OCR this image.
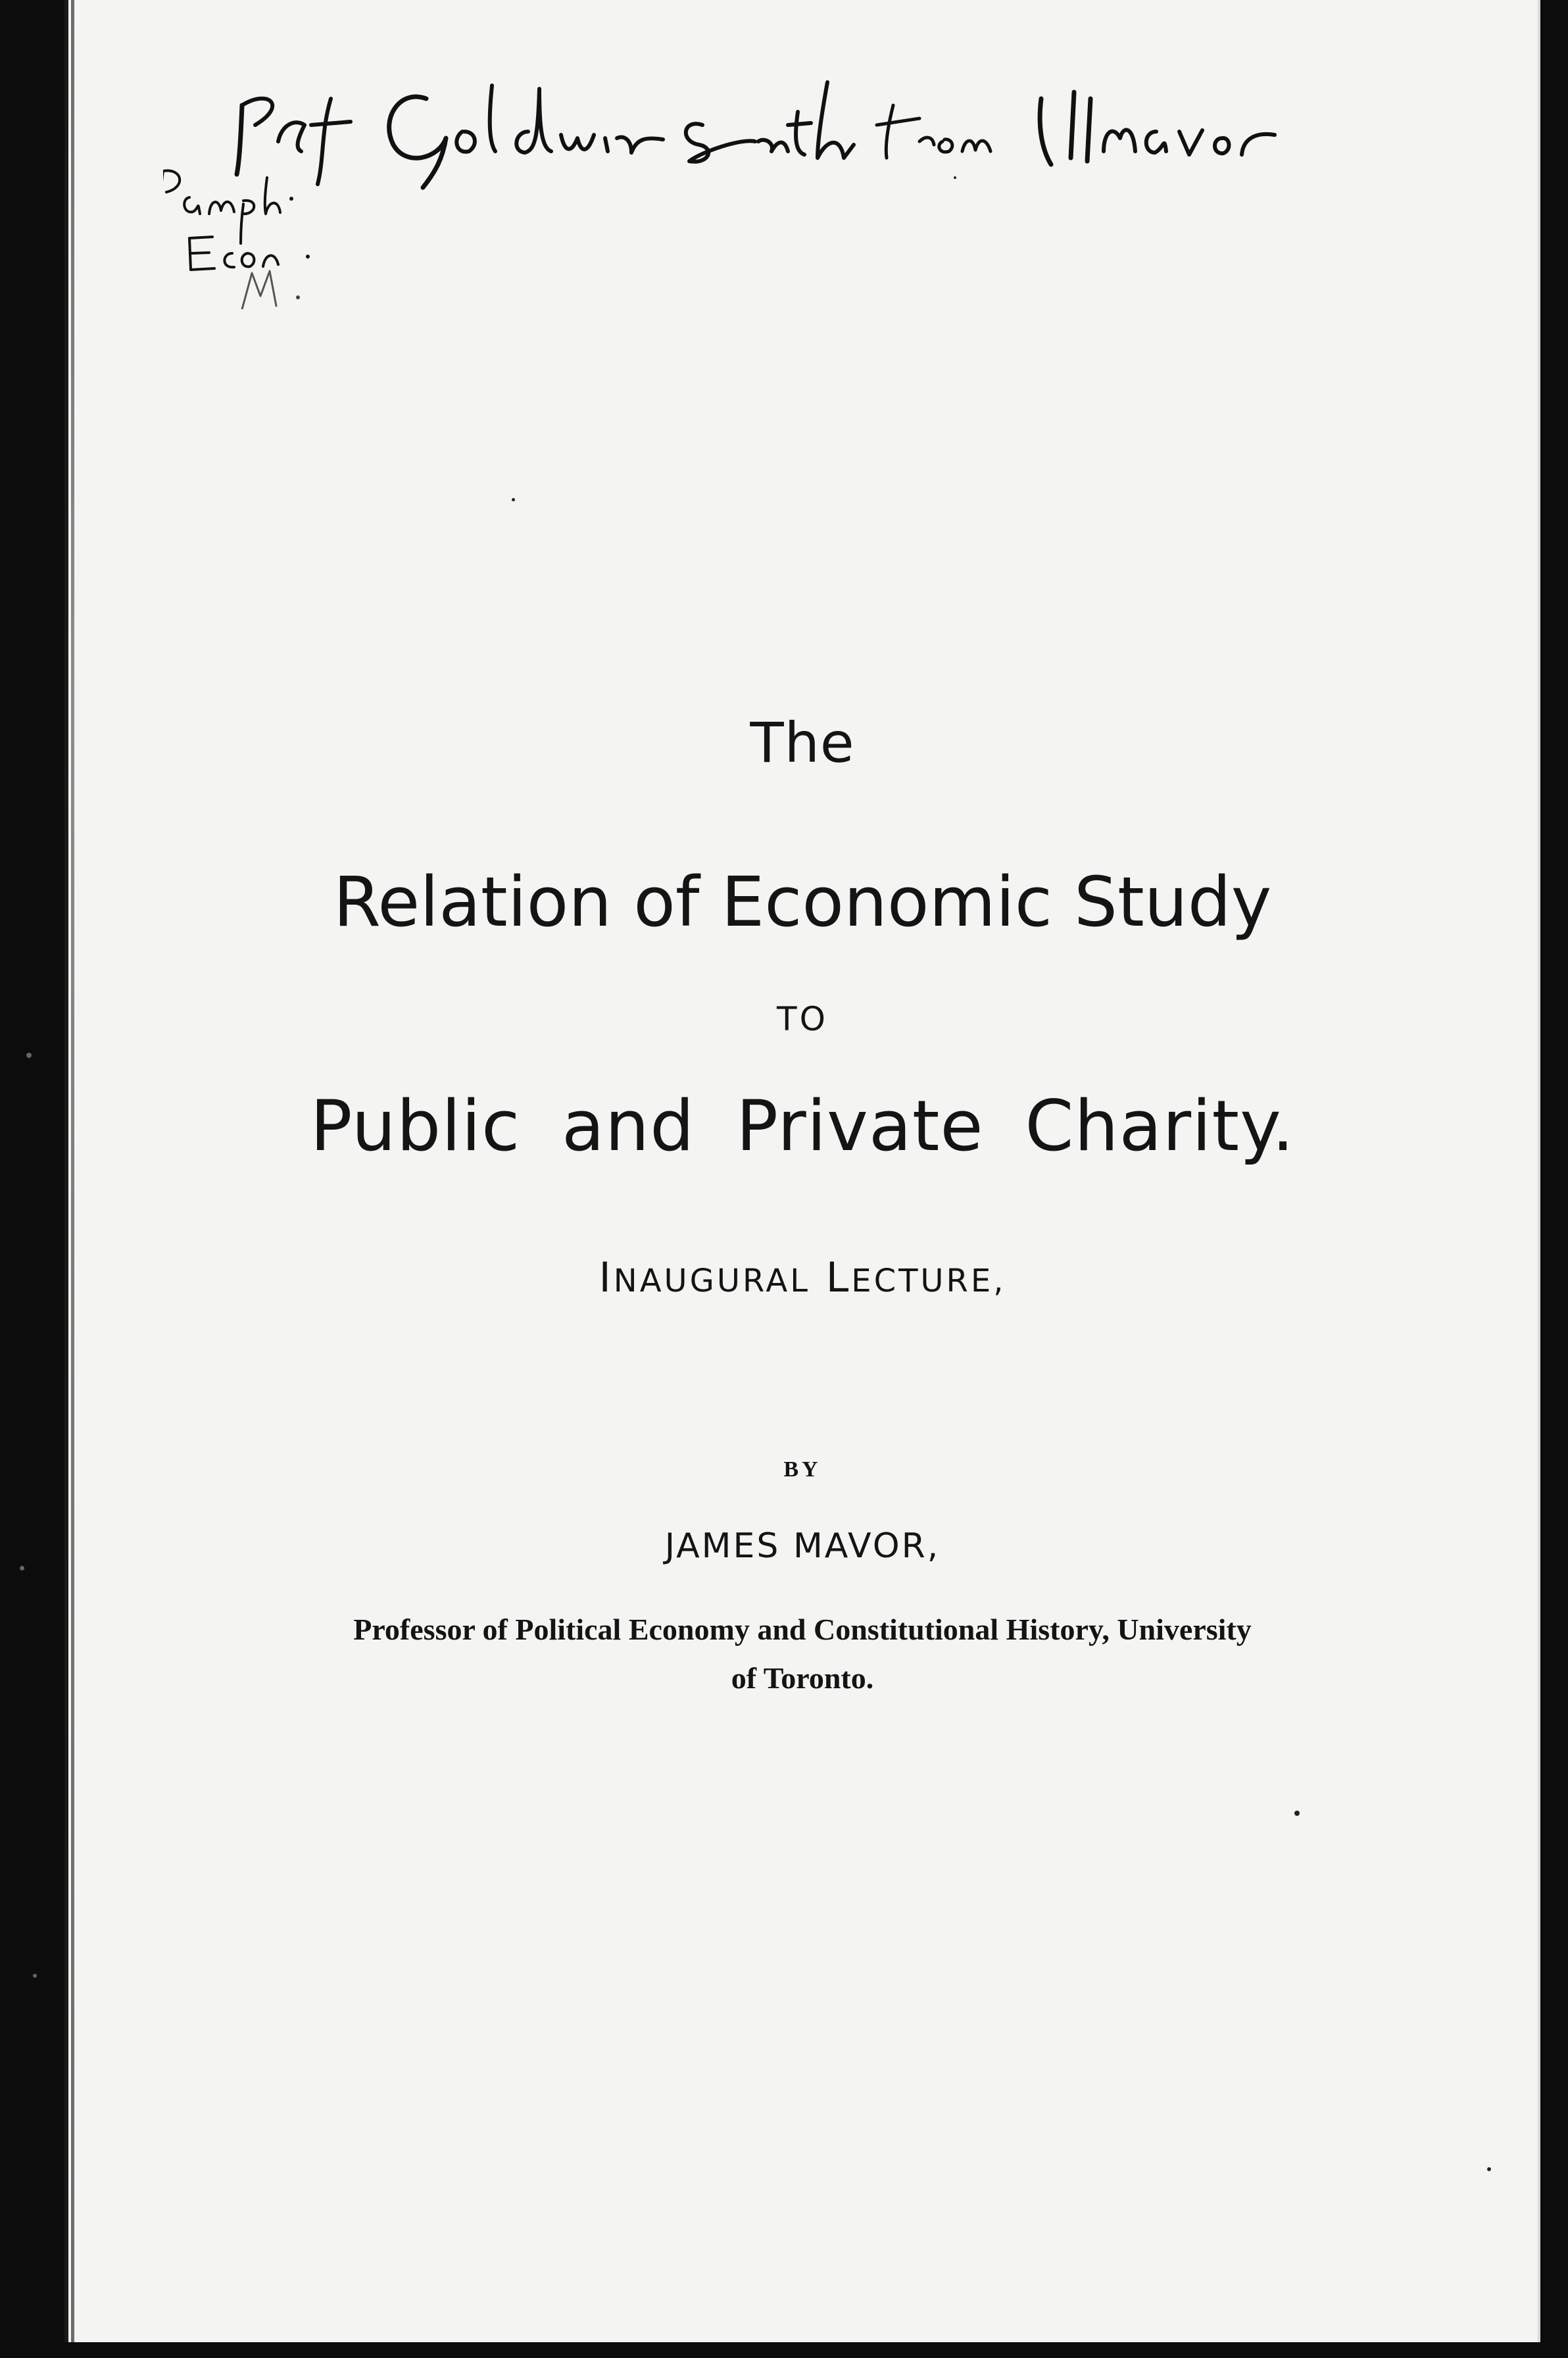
The
Relation of Economic Study
TO
Public and Private Charity.
INAUGURAL LECTURE,
BY
JAMES MAVOR,
Professor of Political Economy and Constitutional History, University
of Toronto.
